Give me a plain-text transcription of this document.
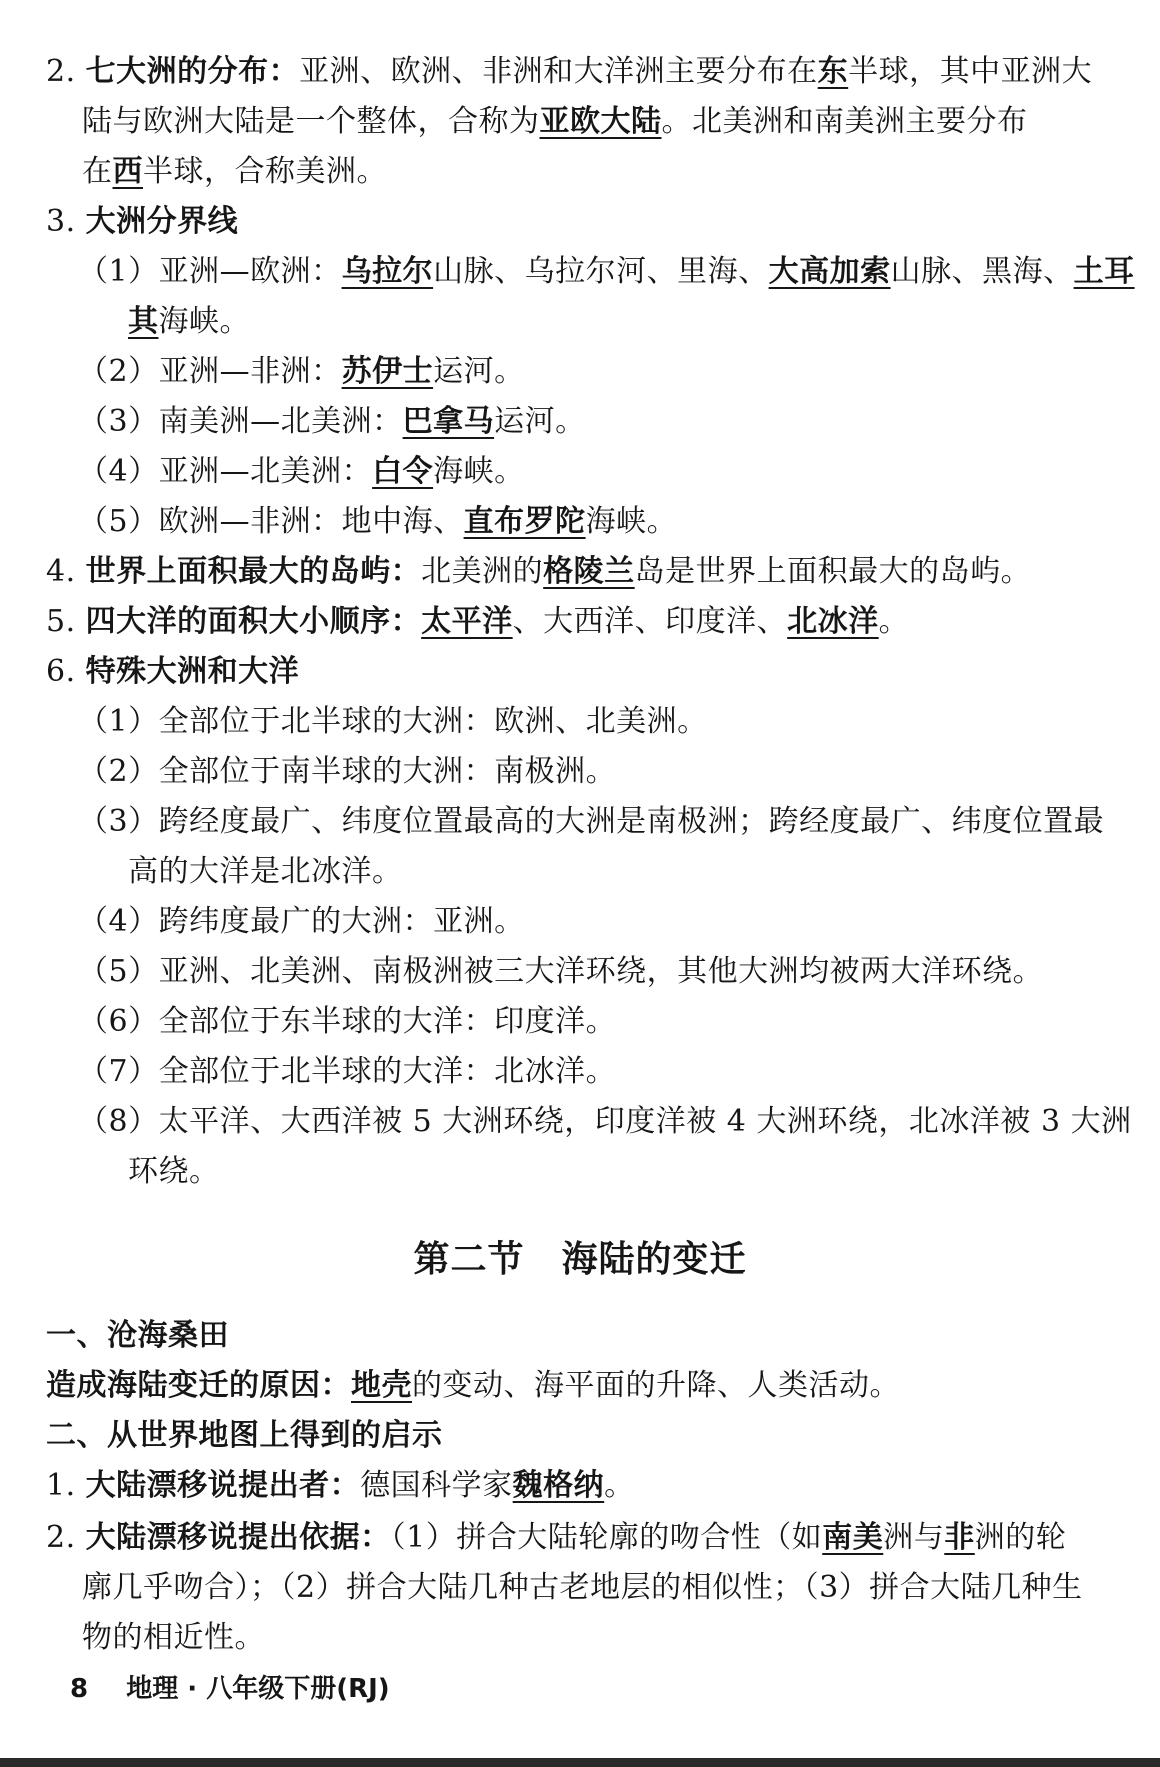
2. 七大洲的分布：亚洲、欧洲、非洲和大洋洲主要分布在东半球，其中亚洲大
陆与欧洲大陆是一个整体，合称为亚欧大陆。北美洲和南美洲主要分布
在西半球，合称美洲。
3. 大洲分界线
（1）亚洲—欧洲：乌拉尔山脉、乌拉尔河、里海、大高加索山脉、黑海、土耳
其海峡。
（2）亚洲—非洲：苏伊士运河。
（3）南美洲—北美洲：巴拿马运河。
（4）亚洲—北美洲：白令海峡。
（5）欧洲—非洲：地中海、直布罗陀海峡。
4. 世界上面积最大的岛屿：北美洲的格陵兰岛是世界上面积最大的岛屿。
5. 四大洋的面积大小顺序：太平洋、大西洋、印度洋、北冰洋。
6. 特殊大洲和大洋
（1）全部位于北半球的大洲：欧洲、北美洲。
（2）全部位于南半球的大洲：南极洲。
（3）跨经度最广、纬度位置最高的大洲是南极洲；跨经度最广、纬度位置最
高的大洋是北冰洋。
（4）跨纬度最广的大洲：亚洲。
（5）亚洲、北美洲、南极洲被三大洋环绕，其他大洲均被两大洋环绕。
（6）全部位于东半球的大洋：印度洋。
（7）全部位于北半球的大洋：北冰洋。
（8）太平洋、大西洋被 5 大洲环绕，印度洋被 4 大洲环绕，北冰洋被 3 大洲
环绕。
第二节　海陆的变迁
一、沧海桑田
造成海陆变迁的原因：地壳的变动、海平面的升降、人类活动。
二、从世界地图上得到的启示
1. 大陆漂移说提出者：德国科学家魏格纳。
2. 大陆漂移说提出依据：（1）拼合大陆轮廓的吻合性（如南美洲与非洲的轮
廓几乎吻合）；（2）拼合大陆几种古老地层的相似性；（3）拼合大陆几种生
物的相近性。
8 地理 · 八年级下册(RJ)
